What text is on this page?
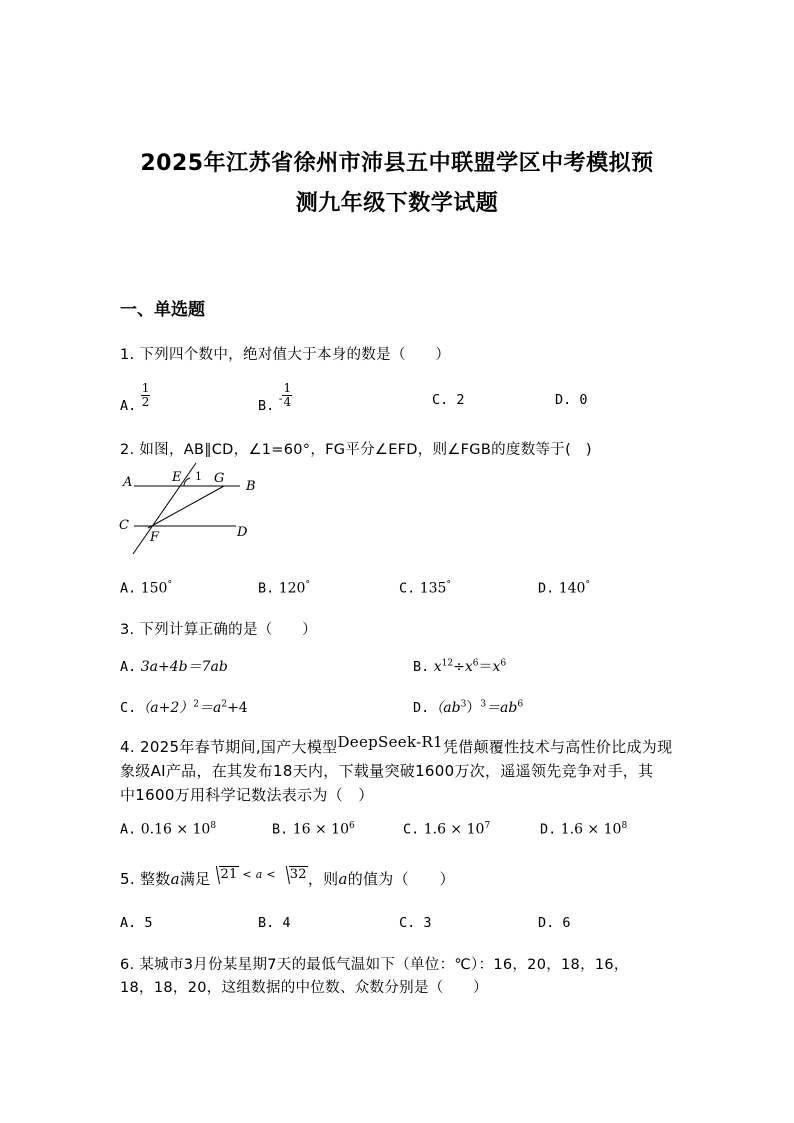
2025年江苏省徐州市沛县五中联盟学区中考模拟预
测九年级下数学试题
一、单选题
1. 下列四个数中，绝对值大于本身的数是（　　）
A. $\frac{1}{2}$	B. - $\frac{1}{4}$	C. 2	D. 0
2. 如图，AB∥CD，∠1=60°，FG平分∠EFD，则∠FGB的度数等于(　)
A	B
C	D
E
F
G
1
A. 150°	B. 120°	C. 135°	D. 140°
3. 下列计算正确的是（　　）
A. 3a+4b＝7ab	B. $x^{12}\div x^6=x^6$
$C.(a+2)^2=a^2+4$	$D.(ab^3)^3=ab^6$
4. 2025年春节期间,国产大模型DeepSeek-R1凭借颠覆性技术与高性价比成为现
象级AI产品，在其发布18天内，下载量突破1600万次，遥遥领先竞争对手，其
中1600万用科学记数法表示为（　）
A. $0.16 \times 10^8$	B. $16 \times 10^6$	C. $1.6 \times 10^7$	D. $1.6 \times 10^8$
5. 整数a满足 21 $^{< a <}$ 32，则a的值为（　　）
A. 5	B. 4	C. 3	D. 6
6. 某城市3月份某星期7天的最低气温如下（单位：℃）：16，20，18，16，
18，18，20，这组数据的中位数、众数分别是（　　）
